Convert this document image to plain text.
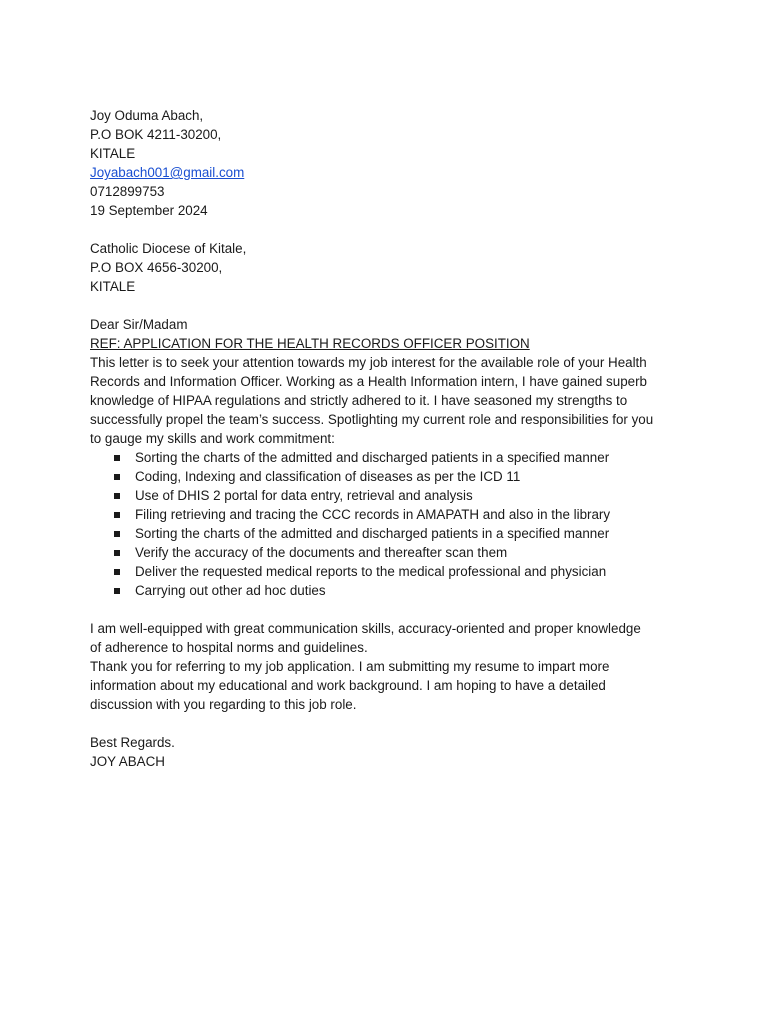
Joy Oduma Abach,
P.O BOK 4211-30200,
KITALE
Joyabach001@gmail.com
0712899753
19 September 2024
Catholic Diocese of Kitale,
P.O BOX 4656-30200,
KITALE
Dear Sir/Madam
REF: APPLICATION FOR THE HEALTH RECORDS OFFICER POSITION
This letter is to seek your attention towards my job interest for the available role of your Health
Records and Information Officer. Working as a Health Information intern, I have gained superb
knowledge of HIPAA regulations and strictly adhered to it. I have seasoned my strengths to
successfully propel the team’s success. Spotlighting my current role and responsibilities for you
to gauge my skills and work commitment:
Sorting the charts of the admitted and discharged patients in a specified manner
Coding, Indexing and classification of diseases as per the ICD 11
Use of DHIS 2 portal for data entry, retrieval and analysis
Filing retrieving and tracing the CCC records in AMAPATH and also in the library
Sorting the charts of the admitted and discharged patients in a specified manner
Verify the accuracy of the documents and thereafter scan them
Deliver the requested medical reports to the medical professional and physician
Carrying out other ad hoc duties
I am well-equipped with great communication skills, accuracy-oriented and proper knowledge
of adherence to hospital norms and guidelines.
Thank you for referring to my job application. I am submitting my resume to impart more
information about my educational and work background. I am hoping to have a detailed
discussion with you regarding to this job role.
Best Regards.
JOY ABACH
